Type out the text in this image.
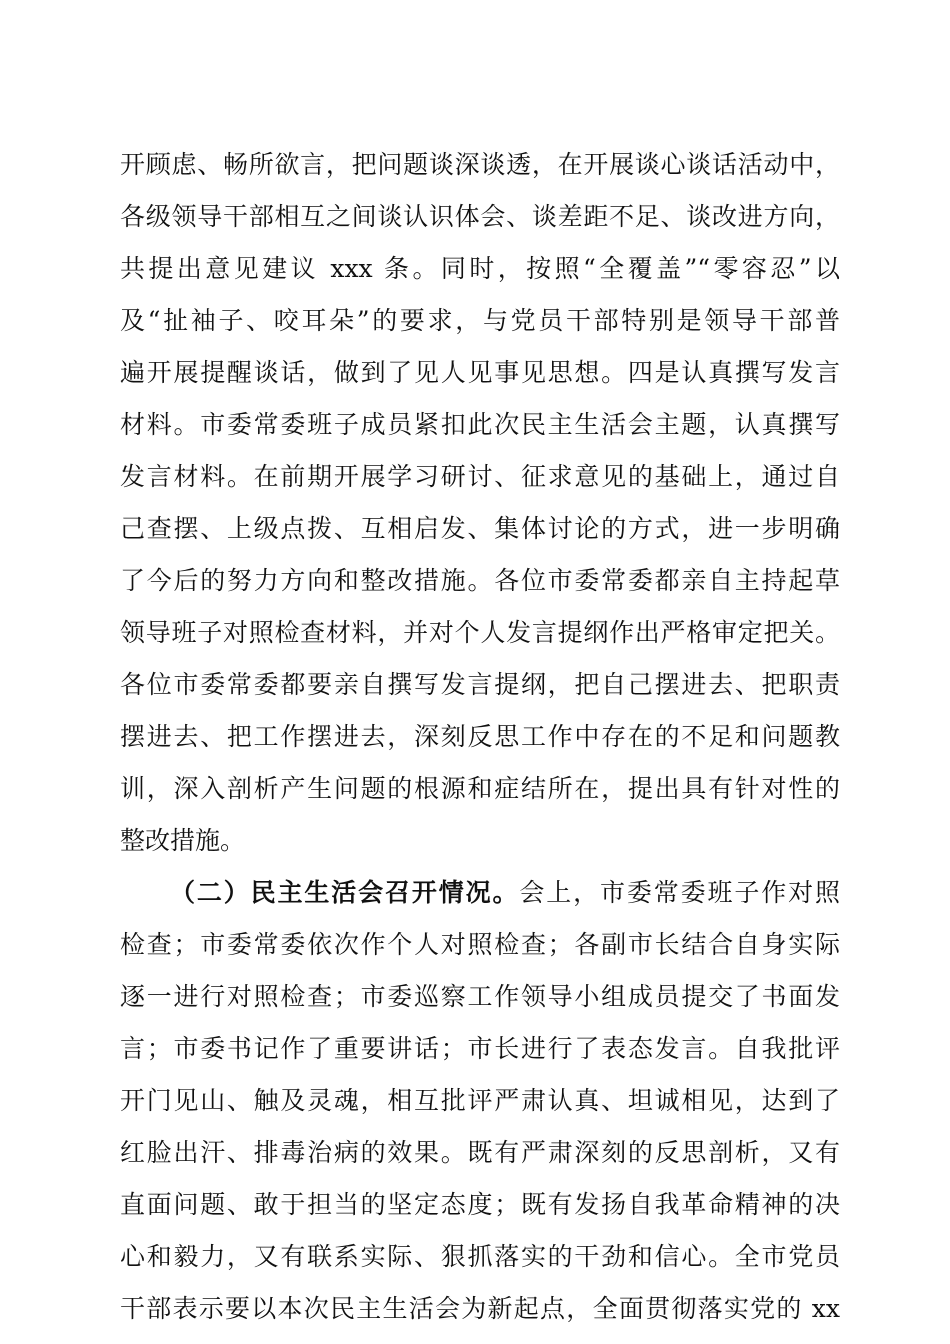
开顾虑、畅所欲言，把问题谈深谈透，在开展谈心谈话活动中，
各级领导干部相互之间谈认识体会、谈差距不足、谈改进方向，
共提出意见建议 xxx 条。同时，按照“全覆盖”“零容忍”以
及“扯袖子、咬耳朵”的要求，与党员干部特别是领导干部普
遍开展提醒谈话，做到了见人见事见思想。四是认真撰写发言
材料。市委常委班子成员紧扣此次民主生活会主题，认真撰写
发言材料。在前期开展学习研讨、征求意见的基础上，通过自
己查摆、上级点拨、互相启发、集体讨论的方式，进一步明确
了今后的努力方向和整改措施。各位市委常委都亲自主持起草
领导班子对照检查材料，并对个人发言提纲作出严格审定把关。
各位市委常委都要亲自撰写发言提纲，把自己摆进去、把职责
摆进去、把工作摆进去，深刻反思工作中存在的不足和问题教
训，深入剖析产生问题的根源和症结所在，提出具有针对性的
整改措施。
（二）民主生活会召开情况。会上，市委常委班子作对照
检查；市委常委依次作个人对照检查；各副市长结合自身实际
逐一进行对照检查；市委巡察工作领导小组成员提交了书面发
言；市委书记作了重要讲话；市长进行了表态发言。自我批评
开门见山、触及灵魂，相互批评严肃认真、坦诚相见，达到了
红脸出汗、排毒治病的效果。既有严肃深刻的反思剖析，又有
直面问题、敢于担当的坚定态度；既有发扬自我革命精神的决
心和毅力，又有联系实际、狠抓落实的干劲和信心。全市党员
干部表示要以本次民主生活会为新起点，全面贯彻落实党的 xx
